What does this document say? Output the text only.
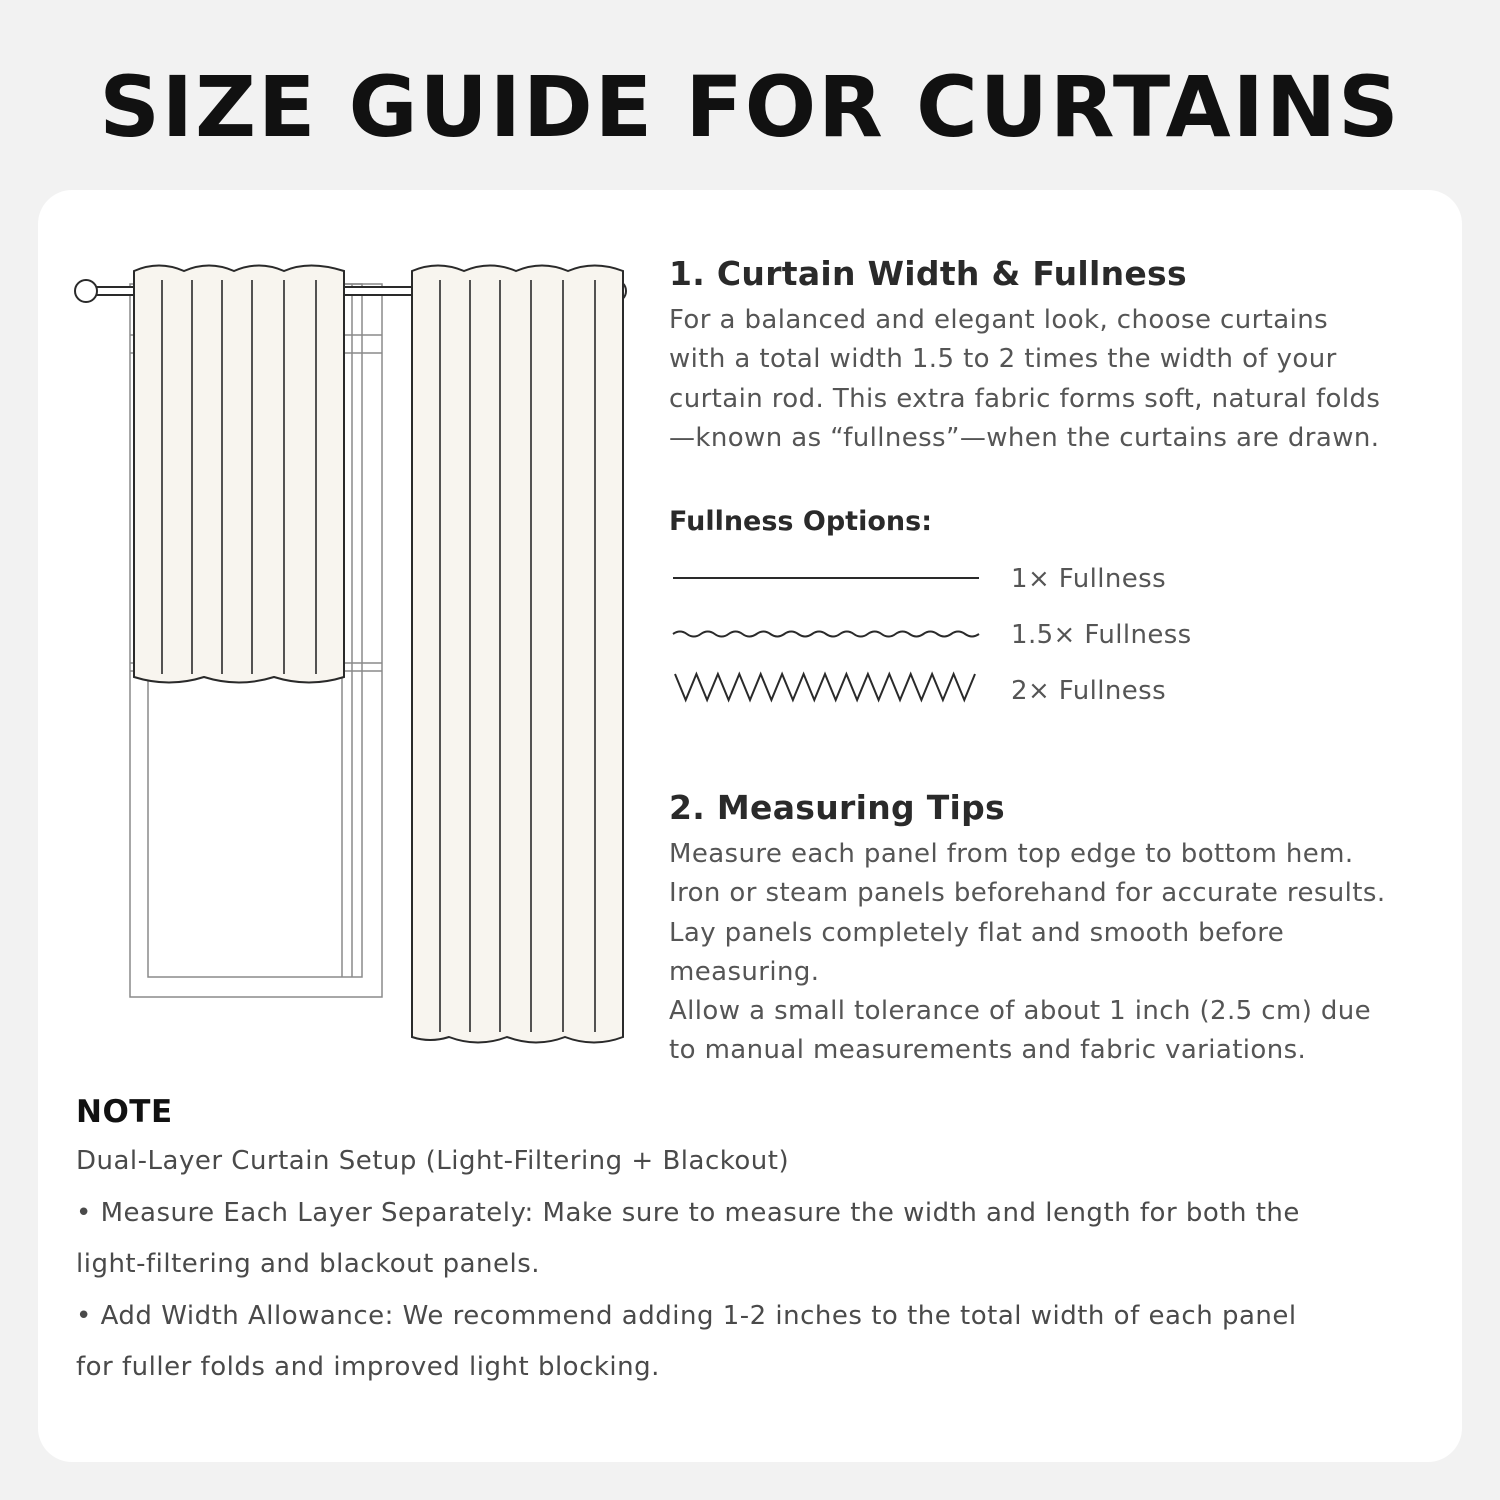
SIZE GUIDE FOR CURTAINS
1. Curtain Width & Fullness

For a balanced and elegant look, choose curtains
with a total width 1.5 to 2 times the width of your
curtain rod. This extra fabric forms soft, natural folds
—known as “fullness”—when the curtains are drawn.

Fullness Options:

1× Fullness
1.5× Fullness
2× Fullness
2. Measuring Tips

Measure each panel from top edge to bottom hem.
Iron or steam panels beforehand for accurate results.
Lay panels completely flat and smooth before
measuring.
Allow a small tolerance of about 1 inch (2.5 cm) due
to manual measurements and fabric variations.

NOTE

Dual-Layer Curtain Setup (Light-Filtering + Blackout)
• Measure Each Layer Separately: Make sure to measure the width and length for both the
light-filtering and blackout panels.
• Add Width Allowance: We recommend adding 1-2 inches to the total width of each panel
for fuller folds and improved light blocking.
